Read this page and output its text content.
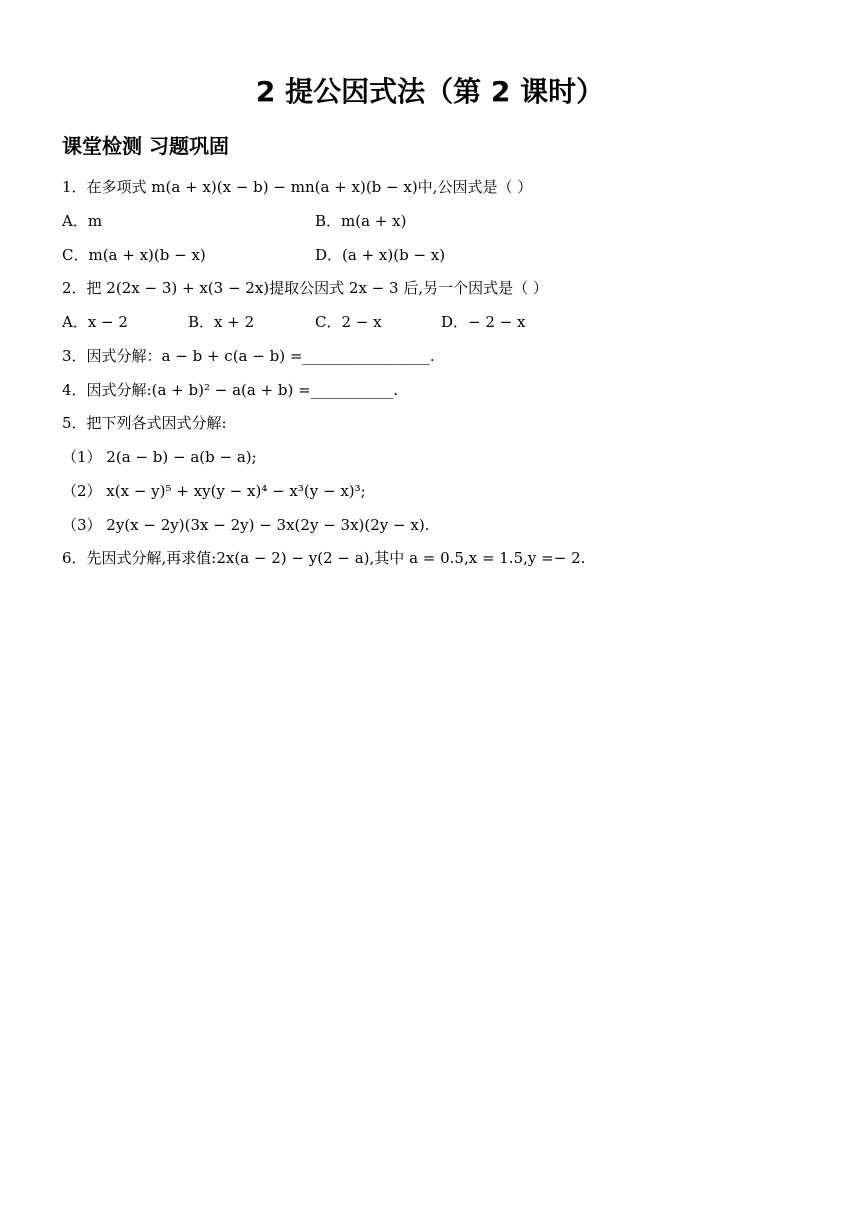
2 提公因式法（第 2 课时）
课堂检测 习题巩固
1．在多项式 m(a + x)(x − b) − mn(a + x)(b − x)中,公因式是（ ）
A．m	B．m(a + x)
C．m(a + x)(b − x)	D．(a + x)(b − x)
2．把 2(2x − 3) + x(3 − 2x)提取公因式 2x − 3 后,另一个因式是（ ）
A．x − 2	B．x + 2	C．2 − x	D．− 2 − x
3．因式分解：a − b + c(a − b) =_________________.
4．因式分解:(a + b)² − a(a + b) =___________.
5．把下列各式因式分解:
（1） 2(a − b) − a(b − a);
（2） x(x − y)⁵ + xy(y − x)⁴ − x³(y − x)³;
（3） 2y(x − 2y)(3x − 2y) − 3x(2y − 3x)(2y − x).
6．先因式分解,再求值:2x(a − 2) − y(2 − a),其中 a = 0.5,x = 1.5,y =− 2.
